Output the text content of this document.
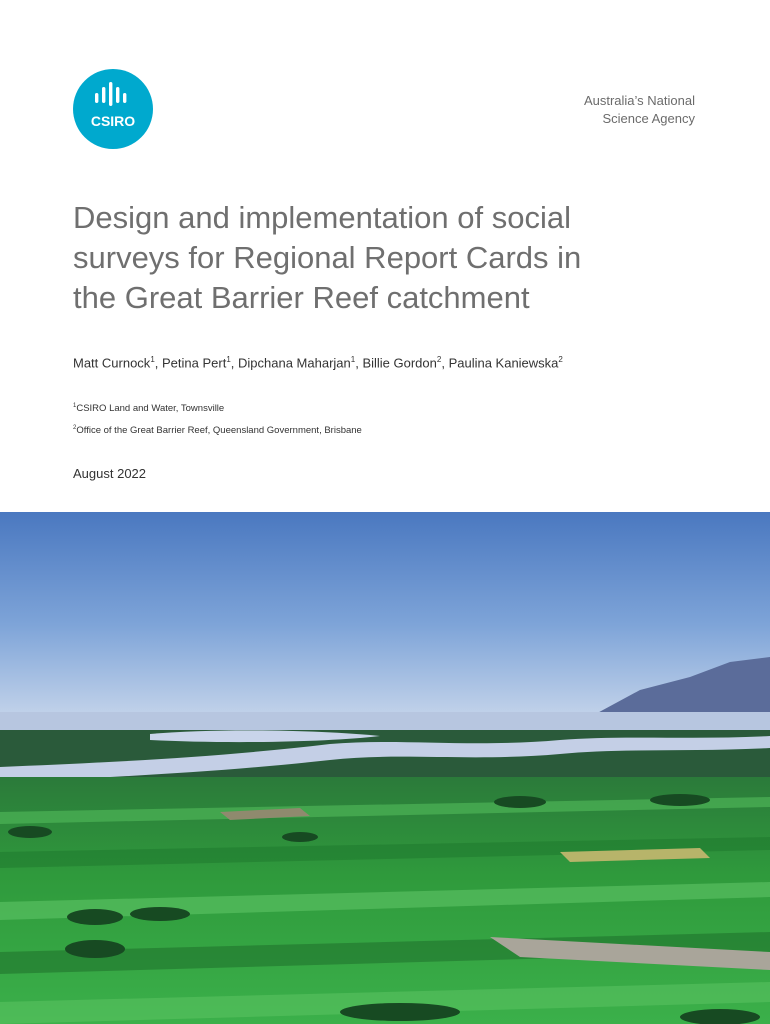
CSIRO
Australia’s National
Science Agency
Design and implementation of social
surveys for Regional Report Cards in
the Great Barrier Reef catchment
Matt Curnock$^1$, Petina Pert$^1$, Dipchana Maharjan$^1$, Billie Gordon$^2$, Paulina Kaniewska$^2$
$^1$CSIRO Land and Water, Townsville
$^2$Office of the Great Barrier Reef, Queensland Government, Brisbane
August 2022
